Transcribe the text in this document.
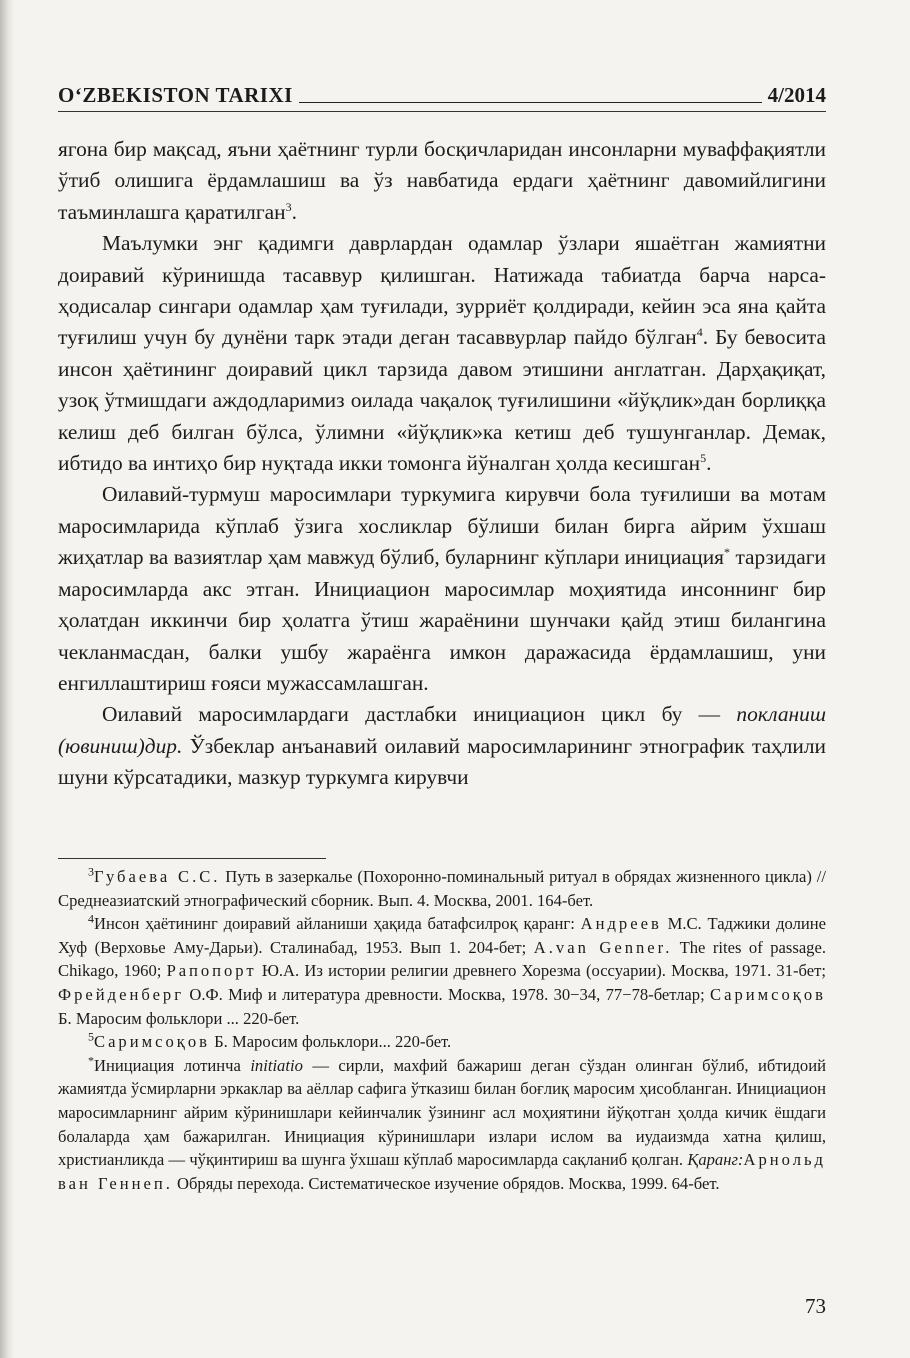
O‘ZBEKISTON TARIXI	4/2014

ягона бир мақсад, яъни ҳаётнинг турли босқичларидан инсонларни муваффақиятли ўтиб олишига ёрдамлашиш ва ўз навбатида ердаги ҳаётнинг давомийлигини таъминлашга қаратилган$^3$.

Маълумки энг қадимги даврлардан одамлар ўзлари яшаётган жамиятни доиравий кўринишда тасаввур қилишган. Натижада табиатда барча нарса-ҳодисалар сингари одамлар ҳам туғилади, зурриёт қолдиради, кейин эса яна қайта туғилиш учун бу дунёни тарк этади деган тасаввурлар пайдо бўлган$^4$. Бу бевосита инсон ҳаётининг доиравий цикл тарзида давом этишини англатган. Дарҳақиқат, узоқ ўтмишдаги аждодларимиз оилада чақалоқ туғилишини «йўқлик»дан борлиққа келиш деб билган бўлса, ўлимни «йўқлик»ка кетиш деб тушунганлар. Демак, ибтидо ва интиҳо бир нуқтада икки томонга йўналган ҳолда кесишган$^5$.

Оилавий-турмуш маросимлари туркумига кирувчи бола туғилиши ва мотам маросимларида кўплаб ўзига хосликлар бўлиши билан бирга айрим ўхшаш жиҳатлар ва вазиятлар ҳам мавжуд бўлиб, буларнинг кўплари инициация* тарзидаги маросимларда акс этган. Инициацион маросимлар моҳиятида инсоннинг бир ҳолатдан иккинчи бир ҳолатга ўтиш жараёнини шунчаки қайд этиш билангина чекланмасдан, балки ушбу жараёнга имкон даражасида ёрдамлашиш, уни енгиллаштириш ғояси мужассамлашган.

Оилавий маросимлардаги дастлабки инициацион цикл бу — покланиш (ювиниш)дир. Ўзбеклар анъанавий оилавий маросимларининг этнографик таҳлили шуни кўрсатадики, мазкур туркумга кирувчи

$^3$Губаева С.С. Путь в зазеркалье (Похоронно-поминальный ритуал в обрядах жизненного цикла) //Среднеазиатский этнографический сборник. Вып. 4. Москва, 2001. 164-бет.

$^4$Инсон ҳаётининг доиравий айланиши ҳақида батафсилроқ қаранг: Андреев М.С. Таджики долине Хуф (Верховье Аму-Дарьи). Сталинабад, 1953. Вып 1. 204-бет; A.van Genner. The rites of passage. Chikago, 1960; Рапопорт Ю.А. Из истории религии древнего Хорезма (оссуарии). Москва, 1971. 31-бет; Фрейденберг О.Ф. Миф и литература древности. Москва, 1978. 30−34, 77−78-бетлар; Саримсоқов Б. Маросим фольклори ... 220-бет.

$^5$Саримсоқов Б. Маросим фольклори... 220-бет.

*Инициация лотинча initiatio — сирли, махфий бажариш деган сўздан олинган бўлиб, ибтидоий жамиятда ўсмирларни эркаклар ва аёллар сафига ўтказиш билан боғлиқ маросим ҳисобланган. Инициацион маросимларнинг айрим кўринишлари кейинчалик ўзининг асл моҳиятини йўқотган ҳолда кичик ёшдаги болаларда ҳам бажарилган. Инициация кўринишлари излари ислом ва иудаизмда хатна қилиш, христианликда — чўқинтириш ва шунга ўхшаш кўплаб маросимларда сақланиб қолган. Қаранг:Арнольд ван Геннеп. Обряды перехода. Систематическое изучение обрядов. Москва, 1999. 64-бет.

73
